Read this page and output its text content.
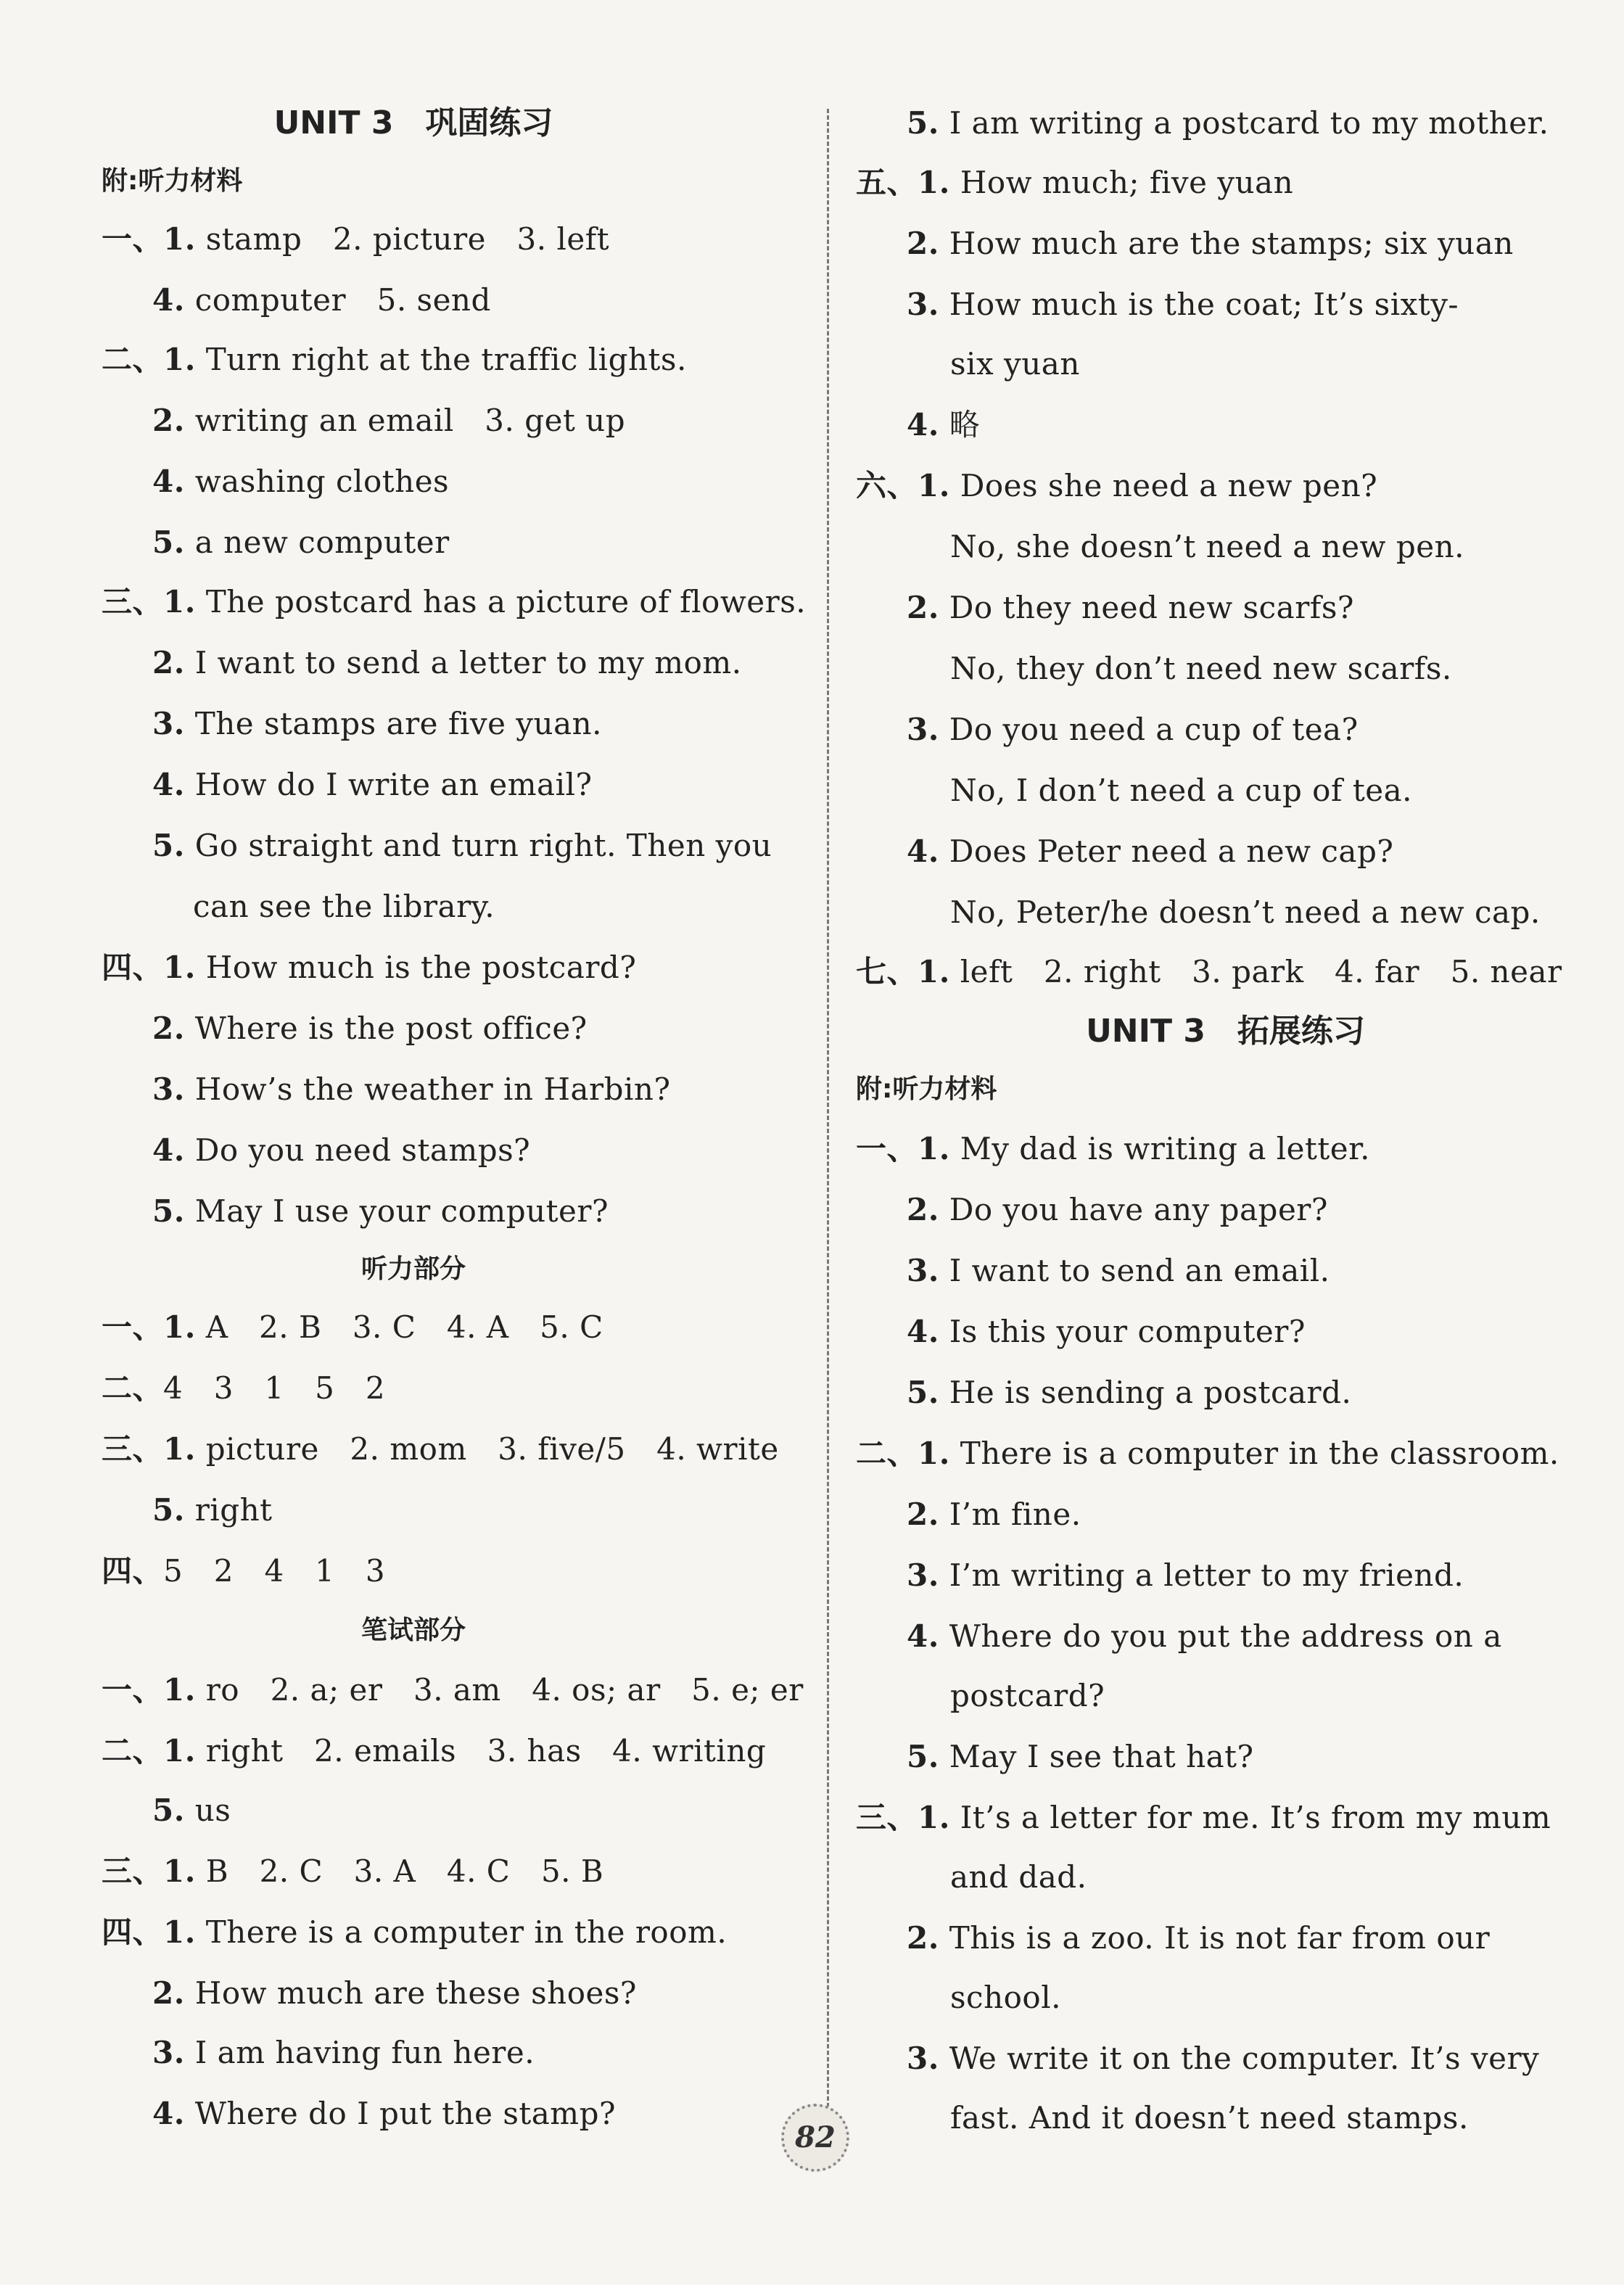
UNIT 3　巩固练习
附:听力材料
一、1. stamp　2. picture　3. left
4. computer　5. send
二、1. Turn right at the traffic lights.
2. writing an email　3. get up
4. washing clothes
5. a new computer
三、1. The postcard has a picture of flowers.
2. I want to send a letter to my mom.
3. The stamps are five yuan.
4. How do I write an email?
5. Go straight and turn right. Then you
can see the library.
四、1. How much is the postcard?
2. Where is the post office?
3. How’s the weather in Harbin?
4. Do you need stamps?
5. May I use your computer?
听力部分
一、1. A　2. B　3. C　4. A　5. C
二、4　3　1　5　2
三、1. picture　2. mom　3. five/5　4. write
5. right
四、5　2　4　1　3
笔试部分
一、1. ro　2. a; er　3. am　4. os; ar　5. e; er
二、1. right　2. emails　3. has　4. writing
5. us
三、1. B　2. C　3. A　4. C　5. B
四、1. There is a computer in the room.
2. How much are these shoes?
3. I am having fun here.
4. Where do I put the stamp?
5. I am writing a postcard to my mother.
五、1. How much; five yuan
2. How much are the stamps; six yuan
3. How much is the coat; It’s sixty-
six yuan
4. 略
六、1. Does she need a new pen?
No, she doesn’t need a new pen.
2. Do they need new scarfs?
No, they don’t need new scarfs.
3. Do you need a cup of tea?
No, I don’t need a cup of tea.
4. Does Peter need a new cap?
No, Peter/he doesn’t need a new cap.
七、1. left　2. right　3. park　4. far　5. near
UNIT 3　拓展练习
附:听力材料
一、1. My dad is writing a letter.
2. Do you have any paper?
3. I want to send an email.
4. Is this your computer?
5. He is sending a postcard.
二、1. There is a computer in the classroom.
2. I’m fine.
3. I’m writing a letter to my friend.
4. Where do you put the address on a
postcard?
5. May I see that hat?
三、1. It’s a letter for me. It’s from my mum
and dad.
2. This is a zoo. It is not far from our
school.
3. We write it on the computer. It’s very
fast. And it doesn’t need stamps.
82
